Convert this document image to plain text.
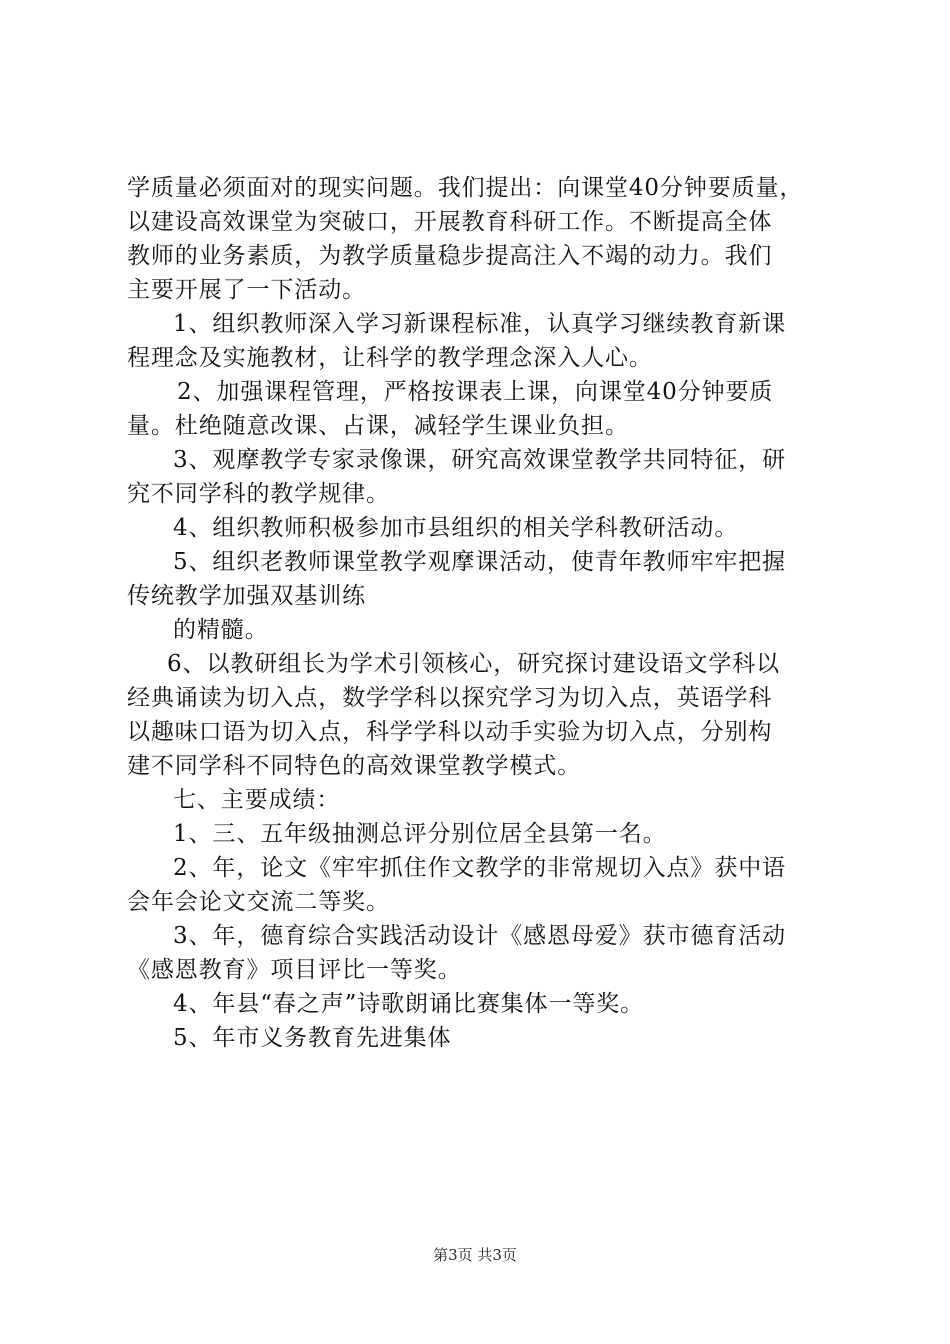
学质量必须面对的现实问题。我们提出：向课堂40分钟要质量，
以建设高效课堂为突破口，开展教育科研工作。不断提高全体
教师的业务素质，为教学质量稳步提高注入不竭的动力。我们
主要开展了一下活动。
1、组织教师深入学习新课程标准，认真学习继续教育新课
程理念及实施教材，让科学的教学理念深入人心。
2、加强课程管理，严格按课表上课，向课堂40分钟要质
量。杜绝随意改课、占课，减轻学生课业负担。
3、观摩教学专家录像课，研究高效课堂教学共同特征，研
究不同学科的教学规律。
4、组织教师积极参加市县组织的相关学科教研活动。
5、组织老教师课堂教学观摩课活动，使青年教师牢牢把握
传统教学加强双基训练
的精髓。
6、以教研组长为学术引领核心，研究探讨建设语文学科以
经典诵读为切入点，数学学科以探究学习为切入点，英语学科
以趣味口语为切入点，科学学科以动手实验为切入点，分别构
建不同学科不同特色的高效课堂教学模式。
七、主要成绩：
1、三、五年级抽测总评分别位居全县第一名。
2、年，论文《牢牢抓住作文教学的非常规切入点》获中语
会年会论文交流二等奖。
3、年，德育综合实践活动设计《感恩母爱》获市德育活动
《感恩教育》项目评比一等奖。
4、年县“春之声”诗歌朗诵比赛集体一等奖。
5、年市义务教育先进集体
第3页 共3页
